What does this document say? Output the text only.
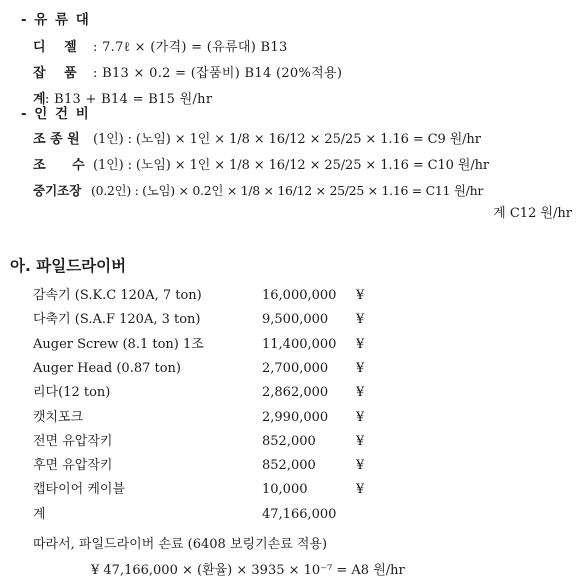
- 유 류 대
디 젤 : 7.7ℓ × (가격) = (유류대) B13
잡 품 : B13 × 0.2 = (잡품비) B14 (20%적용)
계: B13 + B14 = B15 원/hr
- 인 건 비
조 종 원 (1인) : (노임) × 1인 × 1/8 × 16/12 × 25/25 × 1.16 = C9 원/hr
조 수 (1인) : (노임) × 1인 × 1/8 × 16/12 × 25/25 × 1.16 = C10 원/hr
중기조장 (0.2인) : (노임) × 0.2인 × 1/8 × 16/12 × 25/25 × 1.16 = C11 원/hr
계 C12 원/hr
아. 파일드라이버
감속기 (S.K.C 120A, 7 ton)	16,000,000 ¥
다축기 (S.A.F 120A, 3 ton)	9,500,000 ¥
Auger Screw (8.1 ton) 1조	11,400,000 ¥
Auger Head (0.87 ton)	2,700,000 ¥
리다(12 ton)	2,862,000 ¥
캣치포크	2,990,000 ¥
전면 유압작키	852,000	¥
후면 유압작키	852,000	¥
캡타이어 케이블	10,000	¥
계	47,166,000
따라서, 파일드라이버 손료 (6408 보링기손료 적용)
¥ 47,166,000 × (환율) × 3935 × 10⁻⁷ = A8 원/hr
